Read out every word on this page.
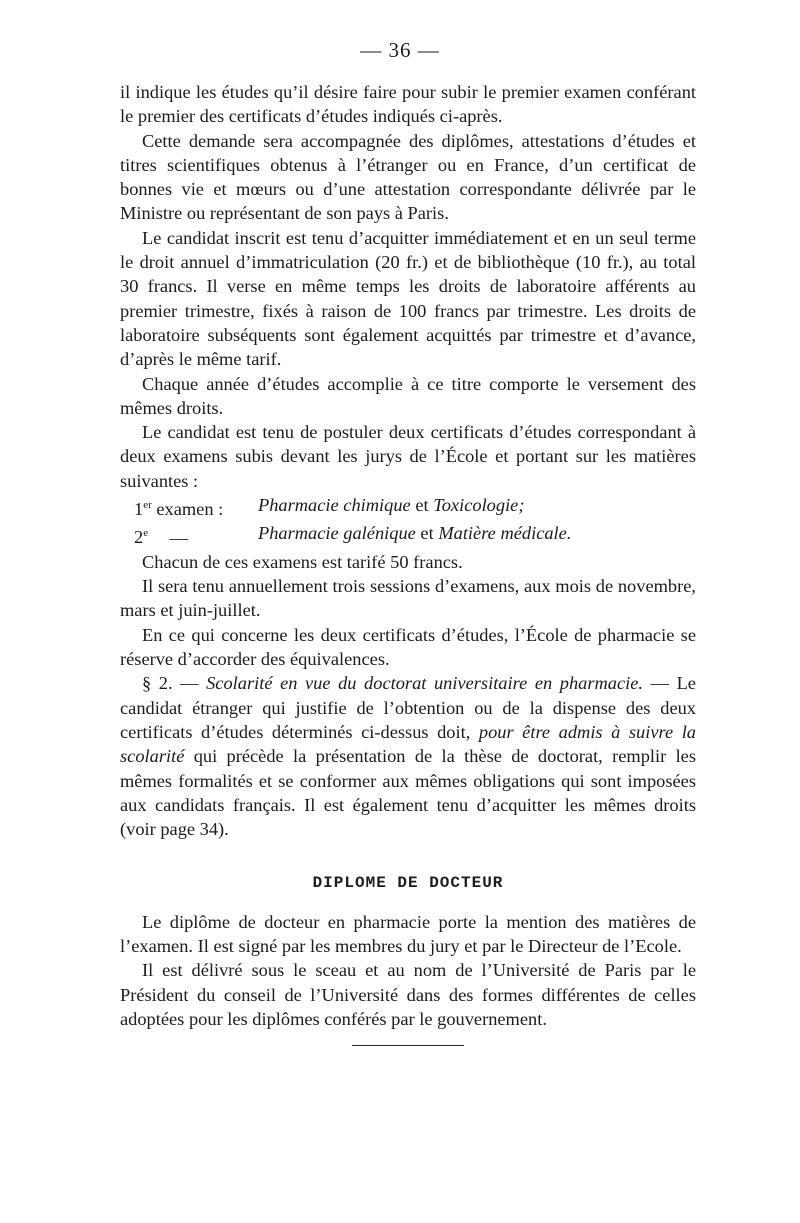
— 36 —

il indique les études qu’il désire faire pour subir le premier examen conférant le premier des certificats d’études indiqués ci-après.

Cette demande sera accompagnée des diplômes, attestations d’études et titres scientifiques obtenus à l’étranger ou en France, d’un certificat de bonnes vie et mœurs ou d’une attestation correspondante délivrée par le Ministre ou représentant de son pays à Paris.

Le candidat inscrit est tenu d’acquitter immédiatement et en un seul terme le droit annuel d’immatriculation (20 fr.) et de bibliothèque (10 fr.), au total 30 francs. Il verse en même temps les droits de laboratoire afférents au premier trimestre, fixés à raison de 100 francs par trimestre. Les droits de laboratoire subséquents sont également acquittés par trimestre et d’avance, d’après le même tarif.

Chaque année d’études accomplie à ce titre comporte le versement des mêmes droits.

Le candidat est tenu de postuler deux certificats d’études correspondant à deux examens subis devant les jurys de l’École et portant sur les matières suivantes :

1er examen :	Pharmacie chimique et Toxicologie;
2e —	Pharmacie galénique et Matière médicale.

Chacun de ces examens est tarifé 50 francs.

Il sera tenu annuellement trois sessions d’examens, aux mois de novembre, mars et juin-juillet.

En ce qui concerne les deux certificats d’études, l’École de pharmacie se réserve d’accorder des équivalences.

§ 2. — Scolarité en vue du doctorat universitaire en pharmacie. — Le candidat étranger qui justifie de l’obtention ou de la dispense des deux certificats d’études déterminés ci-dessus doit, pour être admis à suivre la scolarité qui précède la présentation de la thèse de doctorat, remplir les mêmes formalités et se conformer aux mêmes obligations qui sont imposées aux candidats français. Il est également tenu d’acquitter les mêmes droits (voir page 34).

DIPLOME DE DOCTEUR

Le diplôme de docteur en pharmacie porte la mention des matières de l’examen. Il est signé par les membres du jury et par le Directeur de l’Ecole.

Il est délivré sous le sceau et au nom de l’Université de Paris par le Président du conseil de l’Université dans des formes différentes de celles adoptées pour les diplômes conférés par le gouvernement.
